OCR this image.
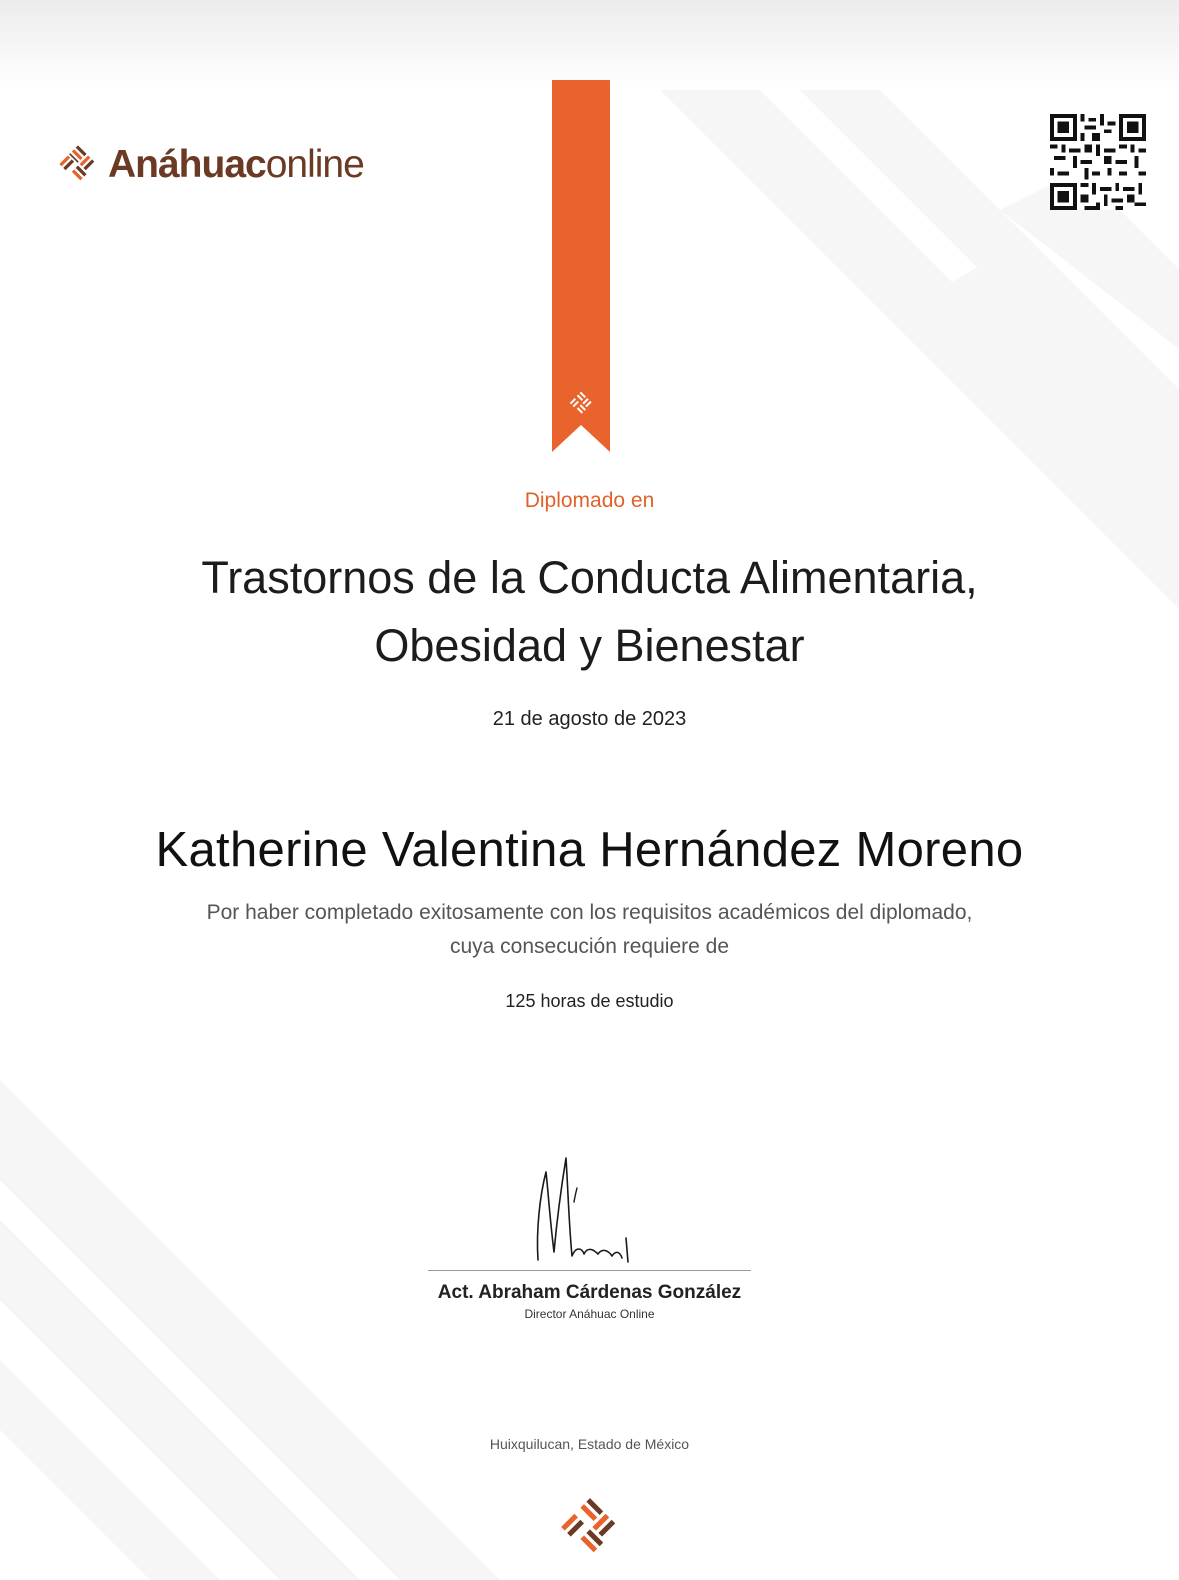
Anáhuaconline
Diplomado en
Trastornos de la Conducta Alimentaria,
Obesidad y Bienestar
21 de agosto de 2023
Katherine Valentina Hernández Moreno
Por haber completado exitosamente con los requisitos académicos del diplomado,
cuya consecución requiere de
125 horas de estudio
Act. Abraham Cárdenas González
Director Anáhuac Online
Huixquilucan, Estado de México
